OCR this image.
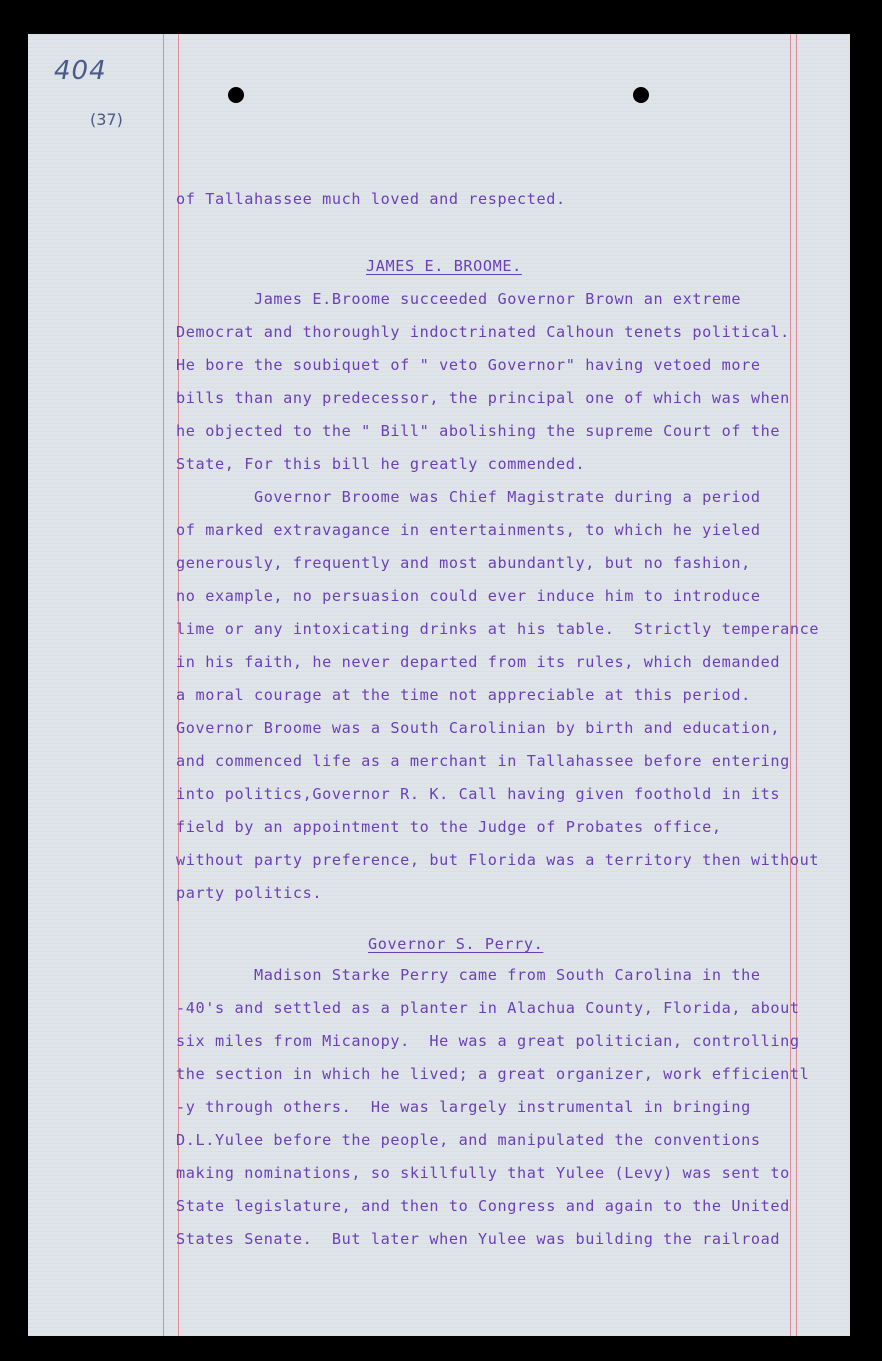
404
(37)
of Tallahassee much loved and respected.
JAMES E. BROOME.
James E.Broome succeeded Governor Brown an extreme
Democrat and thoroughly indoctrinated Calhoun tenets political.
He bore the soubiquet of " veto Governor" having vetoed more
bills than any predecessor, the principal one of which was when
he objected to the " Bill" abolishing the supreme Court of the
State, For this bill he greatly commended.
Governor Broome was Chief Magistrate during a period
of marked extravagance in entertainments, to which he yieled
generously, frequently and most abundantly, but no fashion,
no example, no persuasion could ever induce him to introduce
lime or any intoxicating drinks at his table.  Strictly temperance
in his faith, he never departed from its rules, which demanded
a moral courage at the time not appreciable at this period.
Governor Broome was a South Carolinian by birth and education,
and commenced life as a merchant in Tallahassee before entering
into politics,Governor R. K. Call having given foothold in its
field by an appointment to the Judge of Probates office,
without party preference, but Florida was a territory then without
party politics.
Governor S. Perry.
Madison Starke Perry came from South Carolina in the
-40's and settled as a planter in Alachua County, Florida, about
six miles from Micanopy.  He was a great politician, controlling
the section in which he lived; a great organizer, work efficientl
-y through others.  He was largely instrumental in bringing
D.L.Yulee before the people, and manipulated the conventions
making nominations, so skillfully that Yulee (Levy) was sent to
State legislature, and then to Congress and again to the United
States Senate.  But later when Yulee was building the railroad
